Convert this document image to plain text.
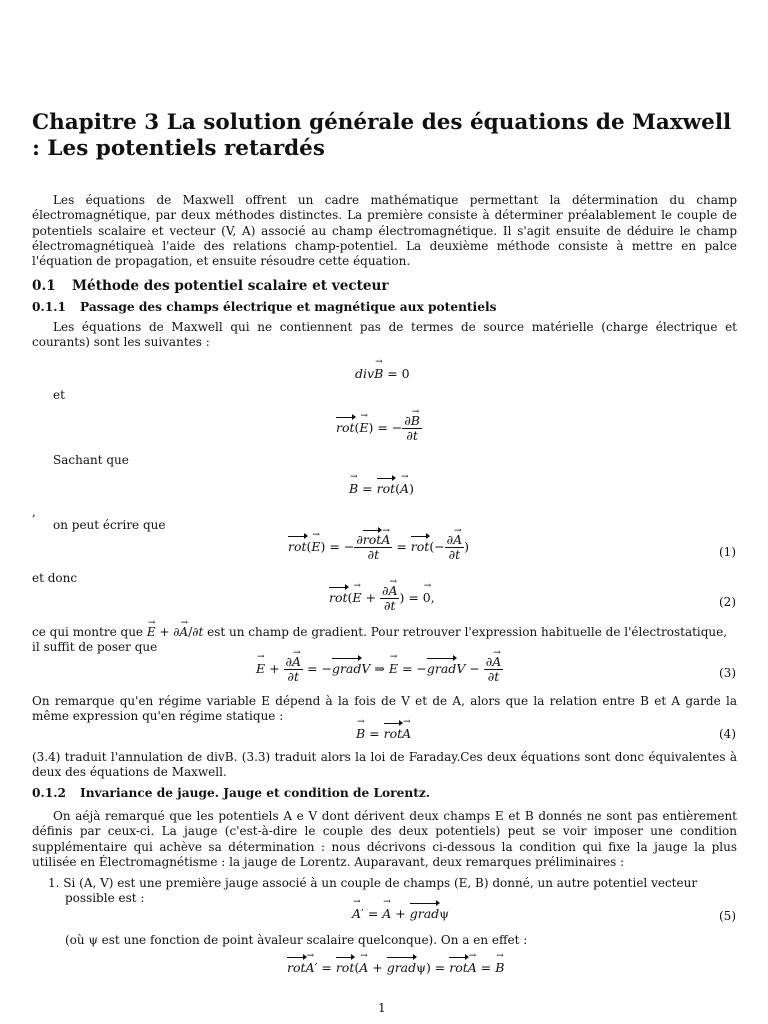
Chapitre 3 La solution générale des équations de Maxwell : Les potentiels retardés
Les équations de Maxwell offrent un cadre mathématique permettant la détermination du champ électromagnétique, par deux méthodes distinctes. La première consiste à déterminer préalablement le couple de potentiels scalaire et vecteur (V, A) associé au champ électromagnétique. Il s'agit ensuite de déduire le champ électromagnétiqueà l'aide des relations champ-potentiel. La deuxième méthode consiste à mettre en palce l'équation de propagation, et ensuite résoudre cette équation.
0.1 Méthode des potentiel scalaire et vecteur
0.1.1 Passage des champs électrique et magnétique aux potentiels
Les équations de Maxwell qui ne contiennent pas de termes de source matérielle (charge électrique et courants) sont les suivantes :
div→ B = 0
et
rot(→ E) = − $\frac{\partial\to B}{\partial t}$
Sachant que
→ B = rot(→ A)
,
on peut écrire que
rot(→ E) = − $\frac{\text{∂rot→ A}}{\partial t} = rot(- \frac{\partial\to A}{\partial t}$ )	(1)
et donc
$rot(\to E + \frac{\partial\to A}{\partial t}$ ) = → 0,	(2)
ce qui montre que → E + ∂→ A/∂t est un champ de gradient. Pour retrouver l'expression habituelle de l'électrostatique,
il suffit de poser que
→ $E + \frac{\partial\to A}{\partial t}$ = −gradV ⇒ → E = −gradV − $\frac{\partial\to A}{\partial t}$	(3)
On remarque qu'en régime variable E dépend à la fois de V et de A, alors que la relation entre B et A garde la même expression qu'en régime statique :
→ B = rot→ A	(4)
(3.4) traduit l'annulation de divB. (3.3) traduit alors la loi de Faraday.Ces deux équations sont donc équivalentes à deux des équations de Maxwell.
0.1.2 Invariance de jauge. Jauge et condition de Lorentz.
On aéjà remarqué que les potentiels A e V dont dérivent deux champs E et B donnés ne sont pas entièrement définis par ceux-ci. La jauge (c'est-à-dire le couple des deux potentiels) peut se voir imposer une condition supplémentaire qui achève sa détermination : nous décrivons ci-dessous la condition qui fixe la jauge la plus utilisée en Électromagnétisme : la jauge de Lorentz. Auparavant, deux remarques préliminaires :
1. Si (A, V) est une première jauge associé à un couple de champs (E, B) donné, un autre potentiel vecteur
possible est :
→ A′ = → A + gradψ	(5)
(où ψ est une fonction de point àvaleur scalaire quelconque). On a en effet :
rot→ A′ = rot(→ A + gradψ) = rot→ A = → B
1
